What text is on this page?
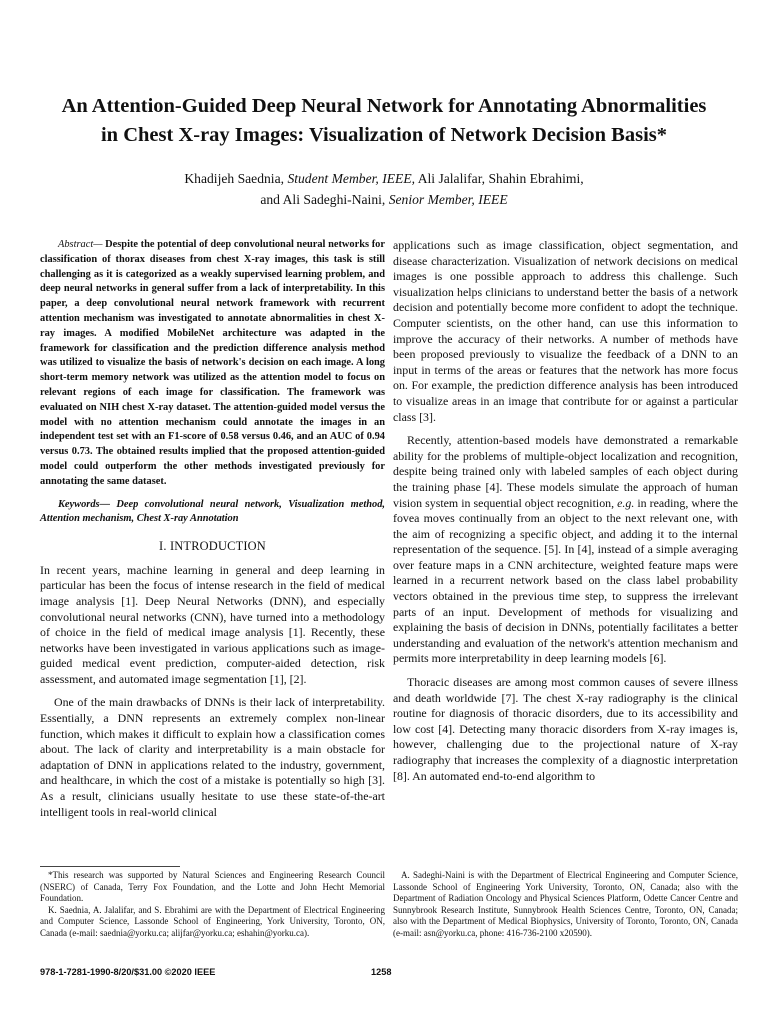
An Attention-Guided Deep Neural Network for Annotating Abnormalities
in Chest X-ray Images: Visualization of Network Decision Basis*
Khadijeh Saednia, Student Member, IEEE, Ali Jalalifar, Shahin Ebrahimi,
and Ali Sadeghi-Naini, Senior Member, IEEE

Abstract— Despite the potential of deep convolutional neural networks for classification of thorax diseases from chest X-ray images, this task is still challenging as it is categorized as a weakly supervised learning problem, and deep neural networks in general suffer from a lack of interpretability. In this paper, a deep convolutional neural network framework with recurrent attention mechanism was investigated to annotate abnormalities in chest X-ray images. A modified MobileNet architecture was adapted in the framework for classification and the prediction difference analysis method was utilized to visualize the basis of network's decision on each image. A long short-term memory network was utilized as the attention model to focus on relevant regions of each image for classification. The framework was evaluated on NIH chest X-ray dataset. The attention-guided model versus the model with no attention mechanism could annotate the images in an independent test set with an F1-score of 0.58 versus 0.46, and an AUC of 0.94 versus 0.73. The obtained results implied that the proposed attention-guided model could outperform the other methods investigated previously for annotating the same dataset.

Keywords— Deep convolutional neural network, Visualization method, Attention mechanism, Chest X-ray Annotation

I. INTRODUCTION

In recent years, machine learning in general and deep learning in particular has been the focus of intense research in the field of medical image analysis [1]. Deep Neural Networks (DNN), and especially convolutional neural networks (CNN), have turned into a methodology of choice in the field of medical image analysis [1]. Recently, these networks have been investigated in various applications such as image-guided medical event prediction, computer-aided detection, risk assessment, and automated image segmentation [1], [2].

One of the main drawbacks of DNNs is their lack of interpretability. Essentially, a DNN represents an extremely complex non-linear function, which makes it difficult to explain how a classification comes about. The lack of clarity and interpretability is a main obstacle for adaptation of DNN in applications related to the industry, government, and healthcare, in which the cost of a mistake is potentially so high [3]. As a result, clinicians usually hesitate to use these state-of-the-art intelligent tools in real-world clinical

applications such as image classification, object segmentation, and disease characterization. Visualization of network decisions on medical images is one possible approach to address this challenge. Such visualization helps clinicians to understand better the basis of a network decision and potentially become more confident to adopt the technique. Computer scientists, on the other hand, can use this information to improve the accuracy of their networks. A number of methods have been proposed previously to visualize the feedback of a DNN to an input in terms of the areas or features that the network has more focus on. For example, the prediction difference analysis has been introduced to visualize areas in an image that contribute for or against a particular class [3].

Recently, attention-based models have demonstrated a remarkable ability for the problems of multiple-object localization and recognition, despite being trained only with labeled samples of each object during the training phase [4]. These models simulate the approach of human vision system in sequential object recognition, e.g. in reading, where the fovea moves continually from an object to the next relevant one, with the aim of recognizing a specific object, and adding it to the internal representation of the sequence. [5]. In [4], instead of a simple averaging over feature maps in a CNN architecture, weighted feature maps were learned in a recurrent network based on the class label probability vectors obtained in the previous time step, to suppress the irrelevant parts of an input. Development of methods for visualizing and explaining the basis of decision in DNNs, potentially facilitates a better understanding and evaluation of the network's attention mechanism and permits more interpretability in deep learning models [6].

Thoracic diseases are among most common causes of severe illness and death worldwide [7]. The chest X-ray radiography is the clinical routine for diagnosis of thoracic disorders, due to its accessibility and low cost [4]. Detecting many thoracic disorders from X-ray images is, however, challenging due to the projectional nature of X-ray radiography that increases the complexity of a diagnostic interpretation [8]. An automated end-to-end algorithm to

*This research was supported by Natural Sciences and Engineering Research Council (NSERC) of Canada, Terry Fox Foundation, and the Lotte and John Hecht Memorial Foundation.

K. Saednia, A. Jalalifar, and S. Ebrahimi are with the Department of Electrical Engineering and Computer Science, Lassonde School of Engineering, York University, Toronto, ON, Canada (e-mail: saednia@yorku.ca; alijfar@yorku.ca; eshahin@yorku.ca).

A. Sadeghi-Naini is with the Department of Electrical Engineering and Computer Science, Lassonde School of Engineering York University, Toronto, ON, Canada; also with the Department of Radiation Oncology and Physical Sciences Platform, Odette Cancer Centre and Sunnybrook Research Institute, Sunnybrook Health Sciences Centre, Toronto, ON, Canada; also with the Department of Medical Biophysics, University of Toronto, Toronto, ON, Canada (e-mail: asn@yorku.ca, phone: 416-736-2100 x20590).

978-1-7281-1990-8/20/$31.00 ©2020 IEEE	1258
